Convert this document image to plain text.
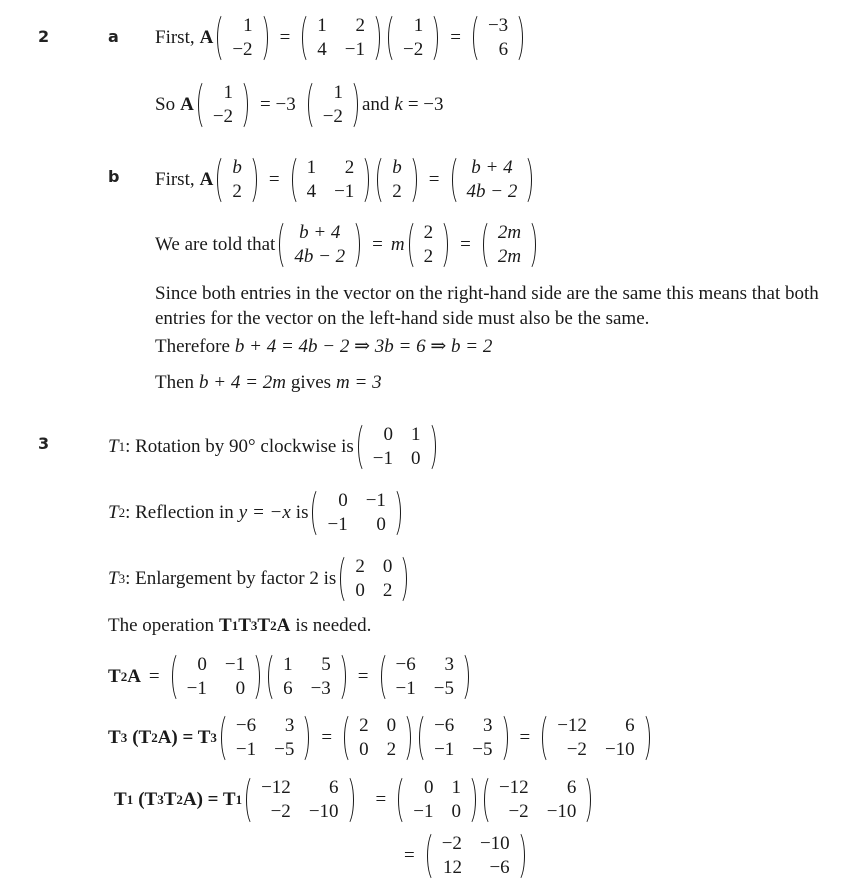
2	a First, A
1
−2
=
1	2
4 −1
1
−2
=
−3
6
So A
1
−2
= −3
1
−2
and k = −3
b First, A
b
2
=
1	2
4 −1
b
2
=
b + 4
4b − 2
We are told that
b + 4
4b − 2
= m
2
2
=
2m
2m
Since both entries in the vector on the right-hand side are the same this means that both entries for the vector on the left-hand side must also be the same.
Therefore b + 4 = 4b − 2 ⇒ 3b = 6 ⇒ b = 2
Then b + 4 = 2m gives m = 3
3	T 1 : Rotation by 90° clockwise is
0 1
−1 0
T 2 : Reflection in y = −x is
0 −1
−1	0
T 3 : Enlargement by factor 2 is
2 0
0 2
The operation T 1 T 3 T 2 A is needed.
T 2 A =
0 −1
−1	0
1	5
6 −3
=
−6	3
−1 −5
T 3 (T 2 A) = T 3
−6	3
−1 −5
=
2 0
0 2
−6	3
−1 −5
=
−12	6
−2 −10
T 1 (T 3 T 2 A) = T 1
−12	6
−2 −10
=
0 1
−1 0
−12	6
−2 −10
=
−2 −10
12	−6
